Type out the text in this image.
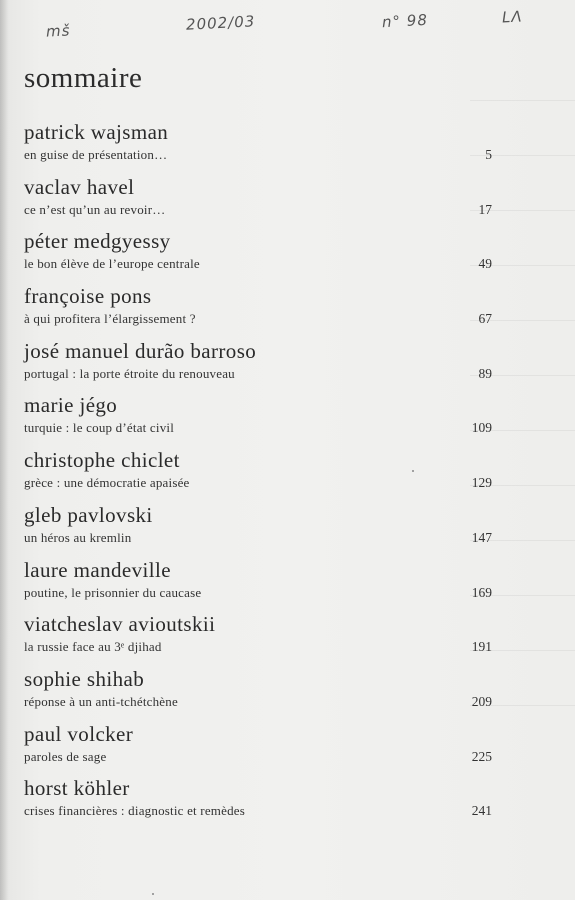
mš	2002/03	n° 98	LɅ
sommaire
patrick wajsman
en guise de présentation…	5
vaclav havel
ce n’est qu’un au revoir…	17
péter medgyessy
le bon élève de l’europe centrale	49
françoise pons
à qui profitera l’élargissement ?	67
josé manuel durão barroso
portugal : la porte étroite du renouveau	89
marie jégo
turquie : le coup d’état civil	109
christophe chiclet
grèce : une démocratie apaisée	129
gleb pavlovski
un héros au kremlin	147
laure mandeville
poutine, le prisonnier du caucase	169
viatcheslav avioutskii
la russie face au 3ᵉ djihad	191
sophie shihab
réponse à un anti-tchétchène	209
paul volcker
paroles de sage	225
horst köhler
crises financières : diagnostic et remèdes	241
